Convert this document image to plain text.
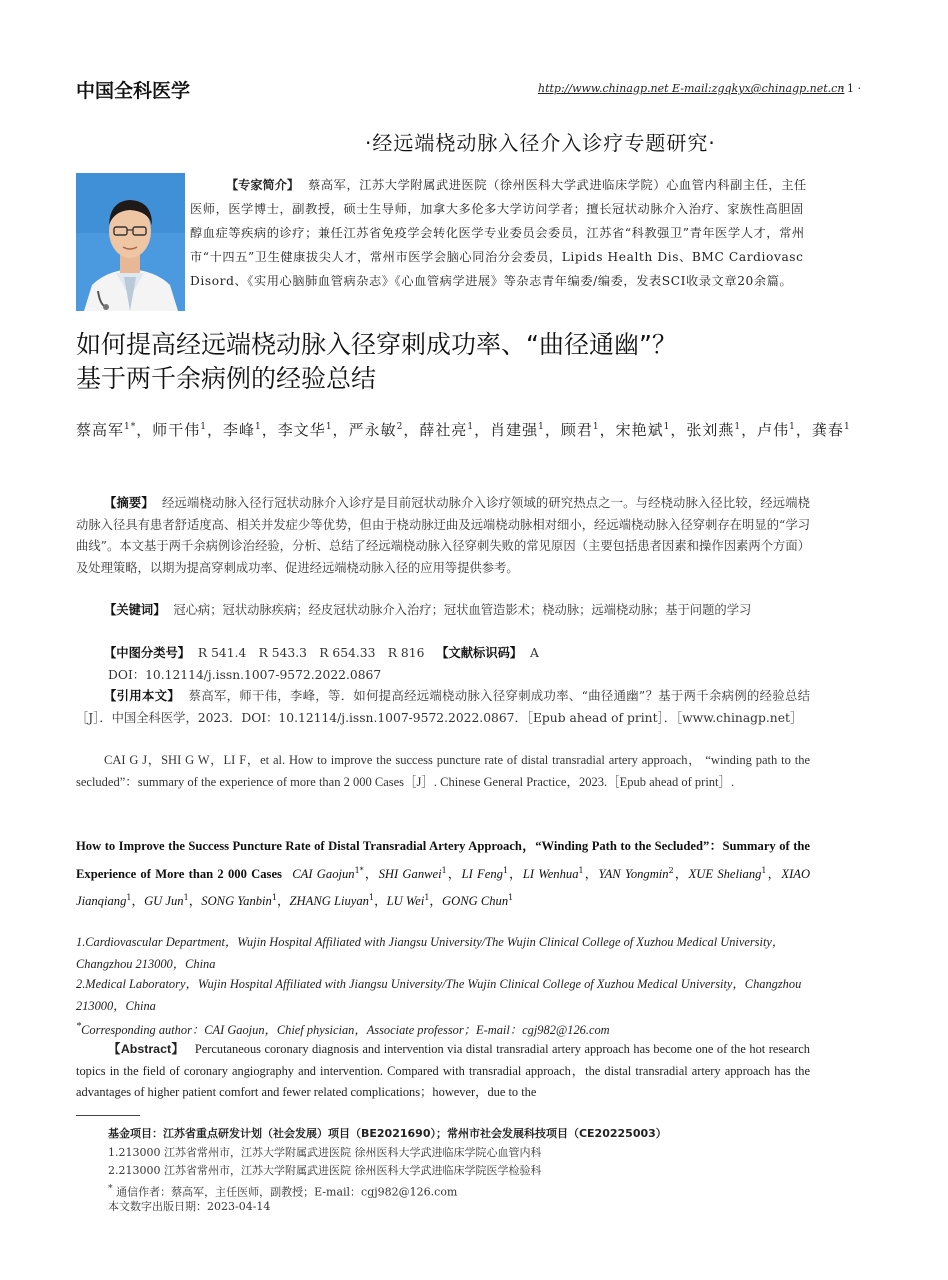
中国全科医学	http://www.chinagp.net E-mail:zgqkyx@chinagp.net.cn
· 1 ·
·经远端桡动脉入径介入诊疗专题研究·
【专家简介】 蔡高军，江苏大学附属武进医院（徐州医科大学武进临床学院）心血管内科副主任，主任医师，医学博士，副教授，硕士生导师，加拿大多伦多大学访问学者；擅长冠状动脉介入治疗、家族性高胆固醇血症等疾病的诊疗；兼任江苏省免疫学会转化医学专业委员会委员，江苏省“科教强卫”青年医学人才，常州市“十四五”卫生健康拔尖人才，常州市医学会脑心同治分会委员，Lipids Health Dis、BMC Cardiovasc Disord、《实用心脑肺血管病杂志》《心血管病学进展》等杂志青年编委/编委，发表SCI收录文章20余篇。
如何提高经远端桡动脉入径穿刺成功率、“曲径通幽”？
基于两千余病例的经验总结
蔡高军$^{1*}$，师干伟$^1$，李峰$^1$，李文华$^1$，严永敏$^2$，薛社亮$^1$，肖建强$^1$，顾君$^1$，宋艳斌$^1$，张刘燕$^1$，卢伟$^1$，龚春$^1$
【摘要】 经远端桡动脉入径行冠状动脉介入诊疗是目前冠状动脉介入诊疗领域的研究热点之一。与经桡动脉入径比较，经远端桡动脉入径具有患者舒适度高、相关并发症少等优势，但由于桡动脉迂曲及远端桡动脉相对细小，经远端桡动脉入径穿刺存在明显的“学习曲线”。本文基于两千余病例诊治经验，分析、总结了经远端桡动脉入径穿刺失败的常见原因（主要包括患者因素和操作因素两个方面）及处理策略，以期为提高穿刺成功率、促进经远端桡动脉入径的应用等提供参考。
【关键词】 冠心病；冠状动脉疾病；经皮冠状动脉介入治疗；冠状血管造影术；桡动脉；远端桡动脉；基于问题的学习
【中图分类号】 R 541.4　R 543.3　R 654.33　R 816 【文献标识码】 A
DOI：10.12114/j.issn.1007-9572.2022.0867
【引用本文】 蔡高军，师干伟，李峰，等．如何提高经远端桡动脉入径穿刺成功率、“曲径通幽”？基于两千余病例的经验总结［J］．中国全科医学，2023．DOI：10.12114/j.issn.1007-9572.2022.0867．［Epub ahead of print］．［www.chinagp.net］
CAI G J，SHI G W，LI F，et al. How to improve the success puncture rate of distal transradial artery approach， “winding path to the secluded”：summary of the experience of more than 2 000 Cases［J］. Chinese General Practice，2023.［Epub ahead of print］.
How to Improve the Success Puncture Rate of Distal Transradial Artery Approach，“Winding Path to the Secluded”：Summary of the Experience of More than 2 000 Cases CAI Gaojun$^{1*}$，SHI Ganwei$^1$，LI Feng$^1$，LI Wenhua$^1$，YAN Yongmin$^2$，XUE Sheliang$^1$，XIAO Jianqiang$^1$，GU Jun$^1$，SONG Yanbin$^1$，ZHANG Liuyan$^1$，LU Wei$^1$，GONG Chun$^1$
1.Cardiovascular Department，Wujin Hospital Affiliated with Jiangsu University/The Wujin Clinical College of Xuzhou Medical University，Changzhou 213000，China
2.Medical Laboratory，Wujin Hospital Affiliated with Jiangsu University/The Wujin Clinical College of Xuzhou Medical University，Changzhou 213000，China
*Corresponding author：CAI Gaojun，Chief physician，Associate professor；E-mail：cgj982@126.com
【Abstract】 Percutaneous coronary diagnosis and intervention via distal transradial artery approach has become one of the hot research topics in the field of coronary angiography and intervention. Compared with transradial approach，the distal transradial artery approach has the advantages of higher patient comfort and fewer related complications；however，due to the
基金项目：江苏省重点研发计划（社会发展）项目（BE2021690）；常州市社会发展科技项目（CE20225003）
1.213000 江苏省常州市，江苏大学附属武进医院 徐州医科大学武进临床学院心血管内科
2.213000 江苏省常州市，江苏大学附属武进医院 徐州医科大学武进临床学院医学检验科
* 通信作者：蔡高军，主任医师，副教授；E-mail：cgj982@126.com
本文数字出版日期：2023-04-14
